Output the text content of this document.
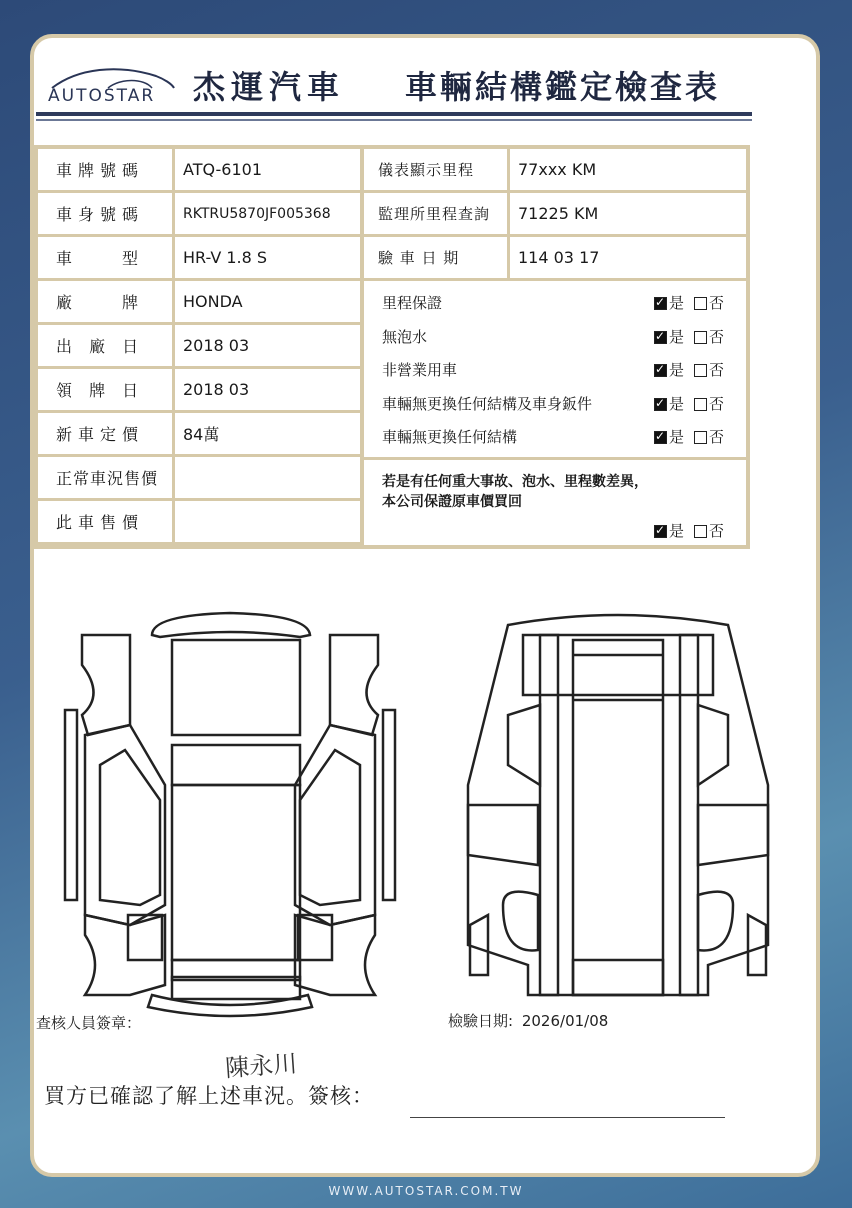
AUTOSTAR 杰運汽車 車輛結構鑑定檢查表
車牌號碼	ATQ-6101
車身號碼	RKTRU5870JF005368
車　　型	HR-V 1.8 S
廠　　牌	HONDA
出 廠 日	2018 03
領 牌 日	2018 03
新車定價	84萬
正常車況售價
此車售價
儀表顯示里程	77xxx KM
監理所里程查詢	71225 KM
驗 車 日 期	114 03 17
里程保證 ✓	是 否
無泡水 ✓	是 否
非營業用車 ✓	是 否
車輛無更換任何結構及車身鈑件 ✓	是 否
車輛無更換任何結構 ✓	是 否
若是有任何重大事故、泡水、里程數差異，
本公司保證原車價買回
✓是 否
查核人員簽章：
陳永川
檢驗日期: 2026/01/08
買方已確認了解上述車況。簽核：
WWW.AUTOSTAR.COM.TW
